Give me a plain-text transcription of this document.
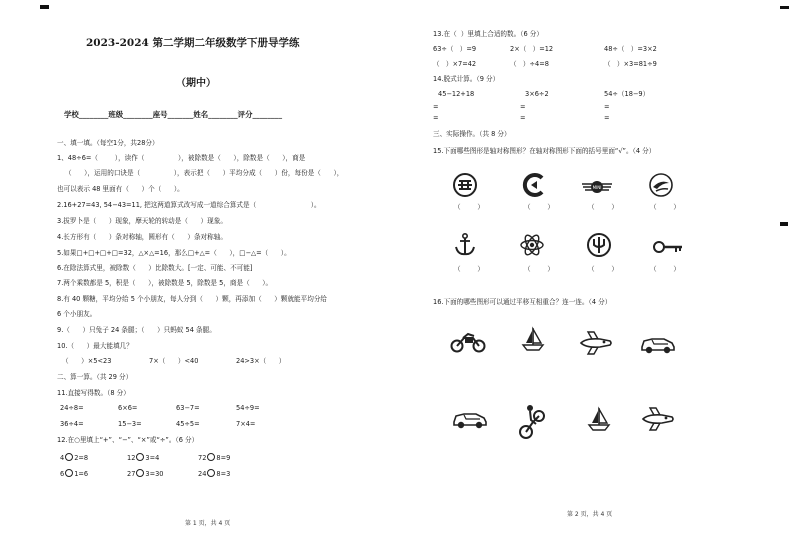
2023-2024 第二学期二年级数学下册导学练
（期中）
学校________班级________座号_______姓名________评分________
一、填一填。（每空1分，共28分）
1、48÷6=（        ），读作（                ），被除数是（      ），除数是（      ），商是
（      ），运用的口诀是（                ），表示把（      ）平均分成（      ）份，每份是（      ），
也可以表示 48 里面有（      ）个（      ）。
2.16+27=43, 54−43=11, 把这两道算式改写成一道综合算式是（                          ）。
3.拔罗卜是（      ）现象，摩天轮的转动是（      ）现象。
4.长方形有（      ）条对称轴，圆形有（      ）条对称轴。
5.如果□+□+□+□=32，△×△=16，那么□+△=（      ），□−△=（      ）。
6.在除法算式里，被除数（      ）比除数大。[一定、可能、不可能]
7.两个乘数都是 5，积是（      ），被除数是 5，除数是 5，商是（      ）。
8.有 40 颗糖，平均分给 5 个小朋友，每人分到（      ）颗，再添加（      ）颗就能平均分给
6 个小朋友。
9.（      ）只兔子 24 条腿；（      ）只蚂蚁 54 条腿。
10.（      ）最大能填几？
（      ）×5<23	7×（      ）<40	24>3×（      ）
二、算一算。（共 29 分）
11.直接写得数。（8 分）
24÷8=	6×6=	63−7=	54÷9=
36÷4=	15−3=	45÷5=	7×4=
12.在○里填上“+”、“−”、“×”或“÷”。（6 分）
4 2=8	12 3=4	72 8=9
6 1=6	27 3=30	24 8=3
第 1 页，共 4 页
13.在（  ）里填上合适的数。（6 分）
63÷（   ）=9	2×（   ）=12	48÷（   ）=3×2
（   ）×7=42	（   ）÷4=8	（   ）×3=81÷9
14.脱式计算。（9 分）
45−12+18	3×6÷2	54÷（18−9）
=	=	=
=	=	=
三、实际操作。（共 8 分）
15.下面哪些图形是轴对称图形？在轴对称图形下面的括号里面“√”。（4 分）
MINI
（        ）	（        ）	（        ）	（        ）
（        ）	（        ）	（        ）	（        ）
16.下面的哪些图形可以通过平移互相重合？连一连。（4 分）
第 2 页，共 4 页
